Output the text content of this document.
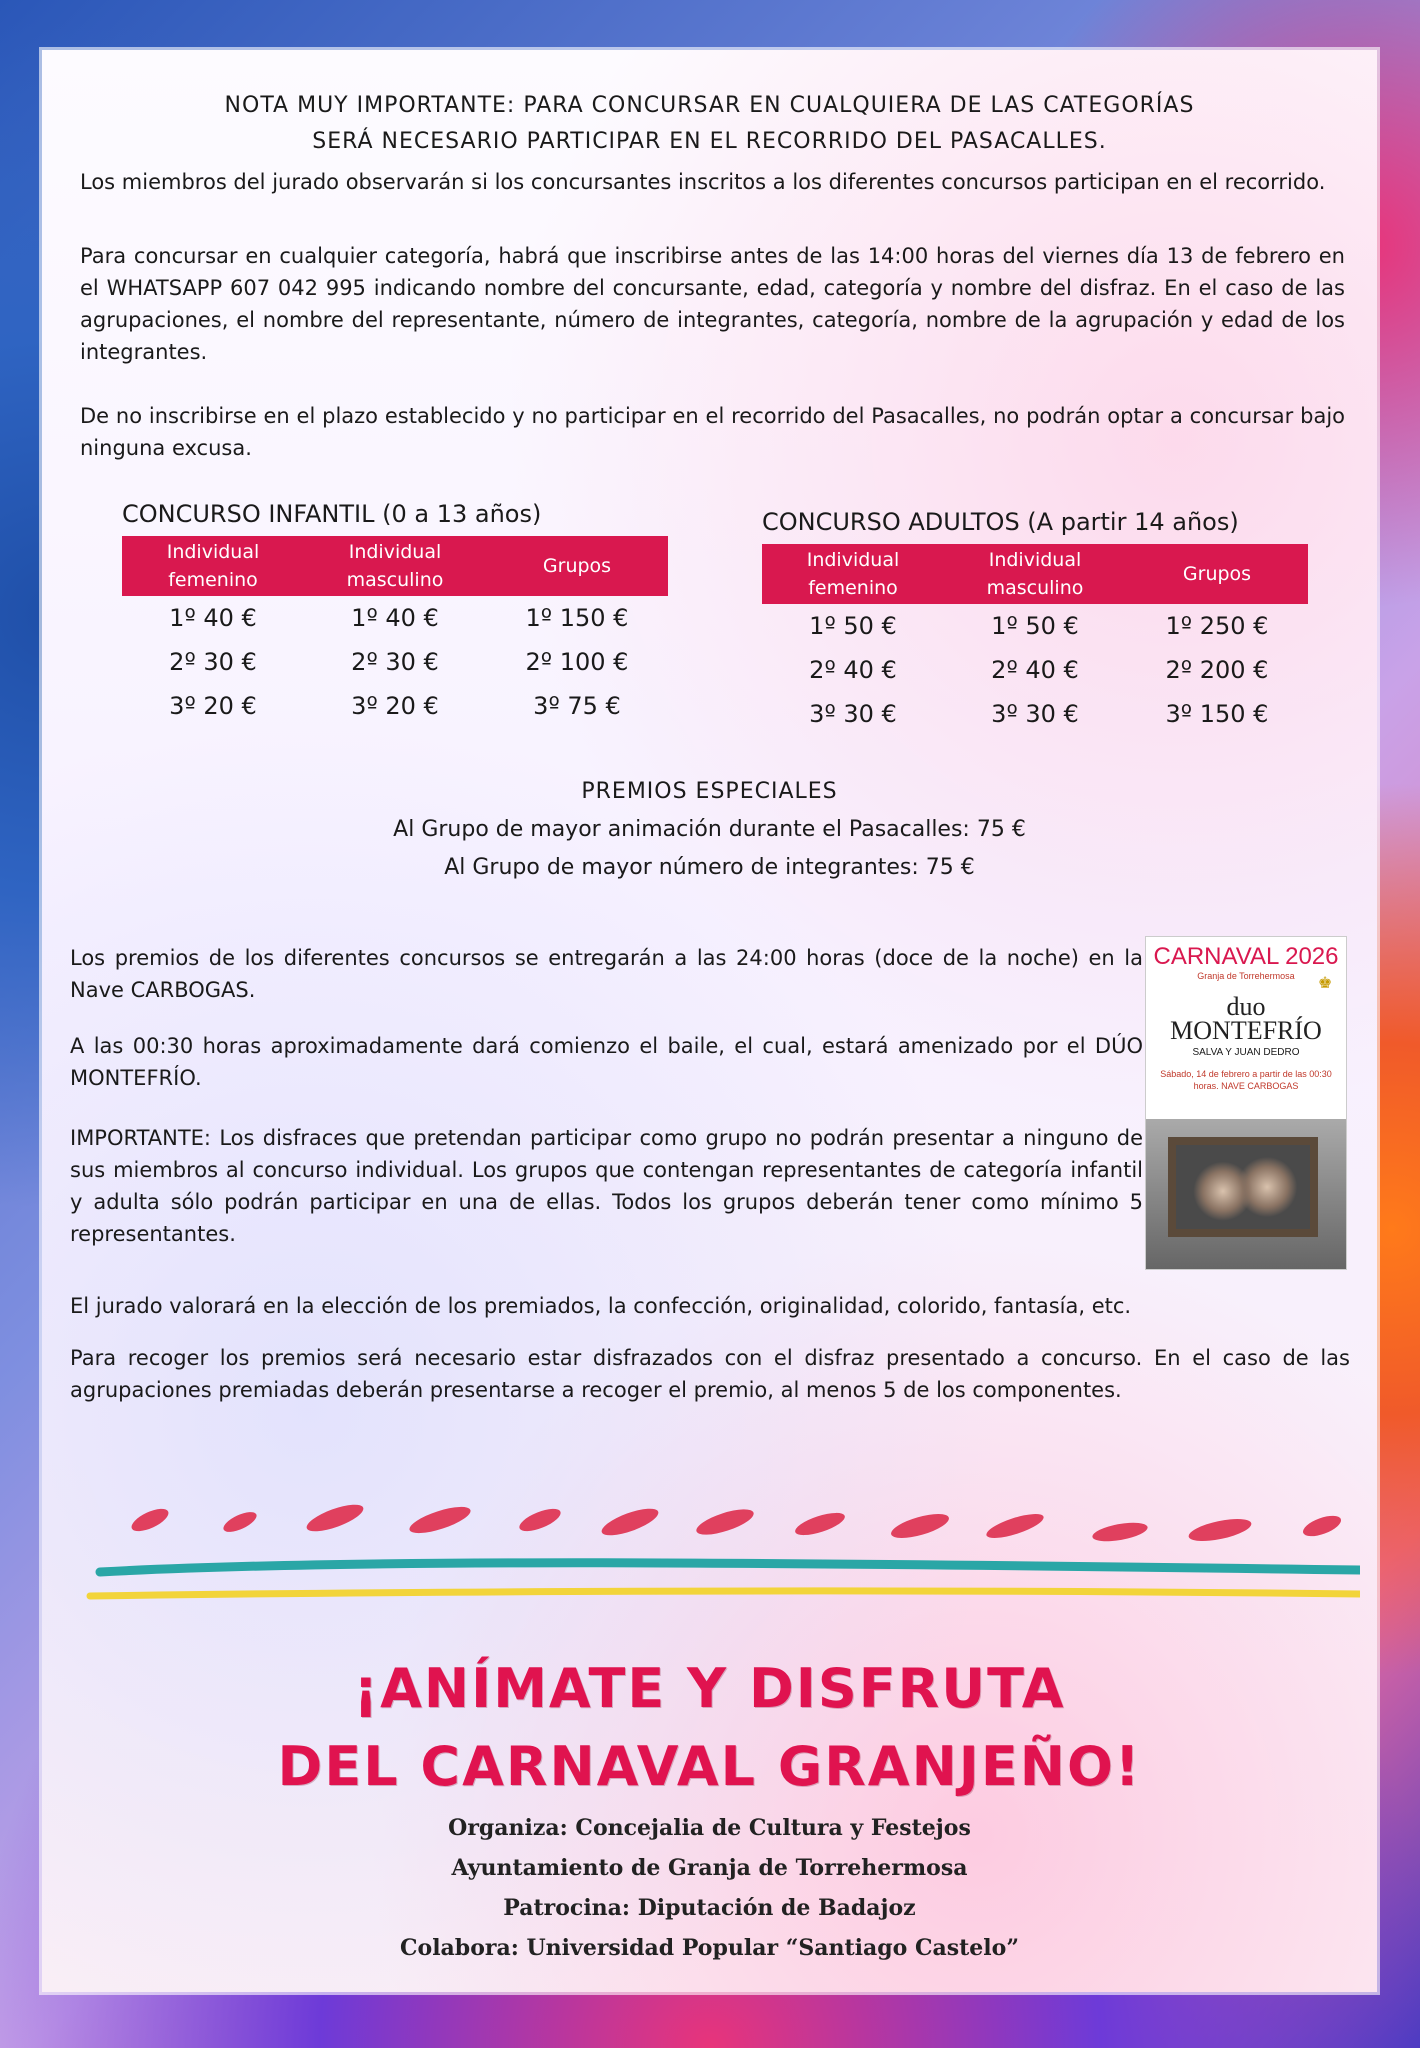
NOTA MUY IMPORTANTE: PARA CONCURSAR EN CUALQUIERA DE LAS CATEGORÍAS
SERÁ NECESARIO PARTICIPAR EN EL RECORRIDO DEL PASACALLES.
Los miembros del jurado observarán si los concursantes inscritos a los diferentes concursos participan en el recorrido.
Para concursar en cualquier categoría, habrá que inscribirse antes de las 14:00 horas del viernes día 13 de febrero en el WHATSAPP 607 042 995 indicando nombre del concursante, edad, categoría y nombre del disfraz. En el caso de las agrupaciones, el nombre del representante, número de integrantes, categoría, nombre de la agrupación y edad de los integrantes.
De no inscribirse en el plazo establecido y no participar en el recorrido del Pasacalles, no podrán optar a concursar bajo ninguna excusa.
CONCURSO INFANTIL (0 a 13 años)
Individual femenino	Individual masculino	Grupos
1º 40 €	1º 40 €	1º 150 €
2º 30 €	2º 30 €	2º 100 €
3º 20 €	3º 20 €	3º 75 €
CONCURSO ADULTOS (A partir 14 años)
Individual femenino	Individual masculino	Grupos
1º 50 €	1º 50 €	1º 250 €
2º 40 €	2º 40 €	2º 200 €
3º 30 €	3º 30 €	3º 150 €
PREMIOS ESPECIALES
Al Grupo de mayor animación durante el Pasacalles: 75 €
Al Grupo de mayor número de integrantes: 75 €
Los premios de los diferentes concursos se entregarán a las 24:00 horas (doce de la noche) en la Nave CARBOGAS.
A las 00:30 horas aproximadamente dará comienzo el baile, el cual, estará amenizado por el DÚO MONTEFRÍO.
IMPORTANTE: Los disfraces que pretendan participar como grupo no podrán presentar a ninguno de sus miembros al concurso individual. Los grupos que contengan representantes de categoría infantil y adulta sólo podrán participar en una de ellas. Todos los grupos deberán tener como mínimo 5 representantes.
CARNAVAL 2026
Granja de Torrehermosa	♚
duo
MONTEFRÍO
SALVA Y JUAN DEDRO
Sábado, 14 de febrero a partir de las 00:30 horas. NAVE CARBOGAS
El jurado valorará en la elección de los premiados, la confección, originalidad, colorido, fantasía, etc.
Para recoger los premios será necesario estar disfrazados con el disfraz presentado a concurso. En el caso de las agrupaciones premiadas deberán presentarse a recoger el premio, al menos 5 de los componentes.
¡ANÍMATE Y DISFRUTA
DEL CARNAVAL GRANJEÑO!
Organiza: Concejalia de Cultura y Festejos
Ayuntamiento de Granja de Torrehermosa
Patrocina: Diputación de Badajoz
Colabora: Universidad Popular “Santiago Castelo”
